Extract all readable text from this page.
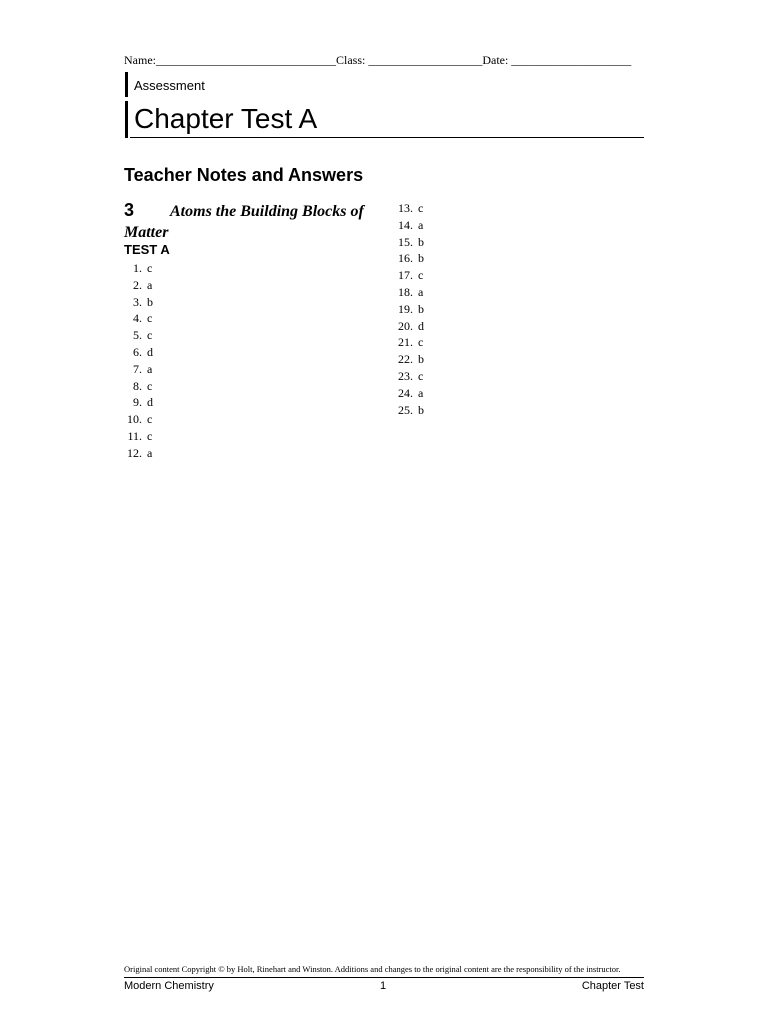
Name:______________________________Class: ___________________Date: ____________________
Assessment
Chapter Test A
Teacher Notes and Answers
3	Atoms the Building Blocks of Matter
TEST A
1. c
2. a
3. b
4. c
5. c
6. d
7. a
8. c
9. d
10. c
11. c
12. a
13. c
14. a
15. b
16. b
17. c
18. a
19. b
20. d
21. c
22. b
23. c
24. a
25. b
Original content Copyright © by Holt, Rinehart and Winston. Additions and changes to the original content are the responsibility of the instructor.
Modern Chemistry	1	Chapter Test
